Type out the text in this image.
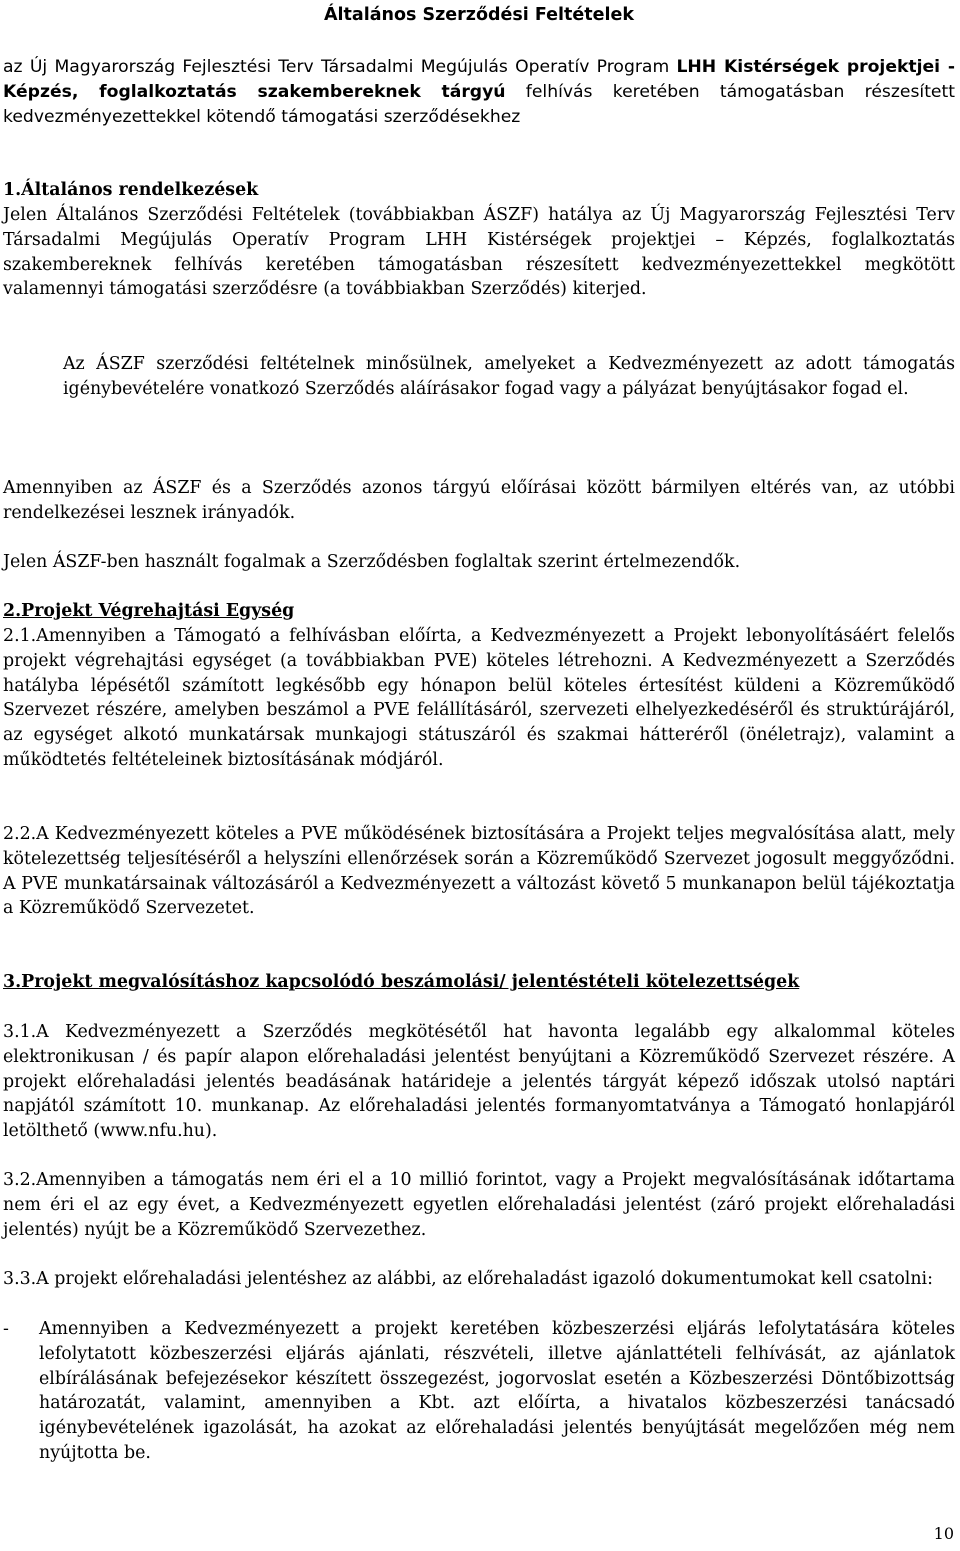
Általános Szerződési Feltételek
az Új Magyarország Fejlesztési Terv Társadalmi Megújulás Operatív Program LHH Kistérségek projektjei - Képzés, foglalkoztatás szakembereknek tárgyú felhívás keretében támogatásban részesített kedvezményezettekkel kötendő támogatási szerződésekhez
1.Általános rendelkezések
Jelen Általános Szerződési Feltételek (továbbiakban ÁSZF) hatálya az Új Magyarország Fejlesztési Terv Társadalmi Megújulás Operatív Program LHH Kistérségek projektjei – Képzés, foglalkoztatás szakembereknek felhívás keretében támogatásban részesített kedvezményezettekkel megkötött valamennyi támogatási szerződésre (a továbbiakban Szerződés) kiterjed.
Az ÁSZF szerződési feltételnek minősülnek, amelyeket a Kedvezményezett az adott támogatás igénybevételére vonatkozó Szerződés aláírásakor fogad vagy a pályázat benyújtásakor fogad el.
Amennyiben az ÁSZF és a Szerződés azonos tárgyú előírásai között bármilyen eltérés van, az utóbbi rendelkezései lesznek irányadók.
Jelen ÁSZF-ben használt fogalmak a Szerződésben foglaltak szerint értelmezendők.
2.Projekt Végrehajtási Egység
2.1.Amennyiben a Támogató a felhívásban előírta, a Kedvezményezett a Projekt lebonyolításáért felelős projekt végrehajtási egységet (a továbbiakban PVE) köteles létrehozni. A Kedvezményezett a Szerződés hatályba lépésétől számított legkésőbb egy hónapon belül köteles értesítést küldeni a Közreműködő Szervezet részére, amelyben beszámol a PVE felállításáról, szervezeti elhelyezkedéséről és struktúrájáról, az egységet alkotó munkatársak munkajogi státuszáról és szakmai hátteréről (önéletrajz), valamint a működtetés feltételeinek biztosításának módjáról.
2.2.A Kedvezményezett köteles a PVE működésének biztosítására a Projekt teljes megvalósítása alatt, mely kötelezettség teljesítéséről a helyszíni ellenőrzések során a Közreműködő Szervezet jogosult meggyőződni. A PVE munkatársainak változásáról a Kedvezményezett a változást követő 5 munkanapon belül tájékoztatja a Közreműködő Szervezetet.
3.Projekt megvalósításhoz kapcsolódó beszámolási/ jelentéstételi kötelezettségek
3.1.A Kedvezményezett a Szerződés megkötésétől hat havonta legalább egy alkalommal köteles elektronikusan / és papír alapon előrehaladási jelentést benyújtani a Közreműködő Szervezet részére. A projekt előrehaladási jelentés beadásának határideje a jelentés tárgyát képező időszak utolsó naptári napjától számított 10. munkanap. Az előrehaladási jelentés formanyomtatványa a Támogató honlapjáról letölthető (www.nfu.hu).
3.2.Amennyiben a támogatás nem éri el a 10 millió forintot, vagy a Projekt megvalósításának időtartama nem éri el az egy évet, a Kedvezményezett egyetlen előrehaladási jelentést (záró projekt előrehaladási jelentés) nyújt be a Közreműködő Szervezethez.
3.3.A projekt előrehaladási jelentéshez az alábbi, az előrehaladást igazoló dokumentumokat kell csatolni:
- Amennyiben a Kedvezményezett a projekt keretében közbeszerzési eljárás lefolytatására köteles lefolytatott közbeszerzési eljárás ajánlati, részvételi, illetve ajánlattételi felhívását, az ajánlatok elbírálásának befejezésekor készített összegezést, jogorvoslat esetén a Közbeszerzési Döntőbizottság határozatát, valamint, amennyiben a Kbt. azt előírta, a hivatalos közbeszerzési tanácsadó igénybevételének igazolását, ha azokat az előrehaladási jelentés benyújtását megelőzően még nem nyújtotta be.
10
